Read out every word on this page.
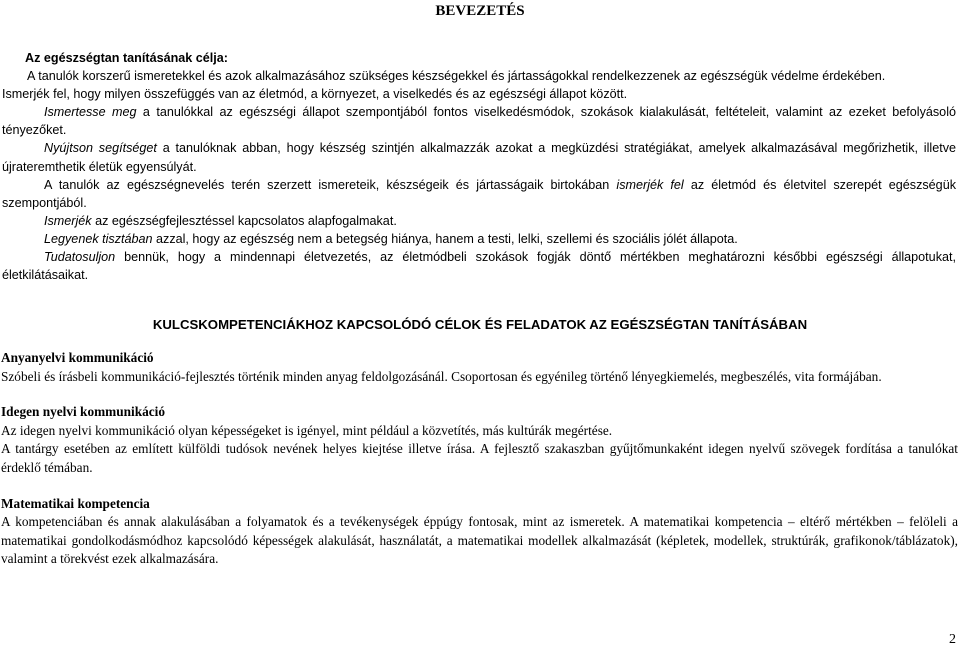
BEVEZETÉS

Az egészségtan tanításának célja:

A tanulók korszerű ismeretekkel és azok alkalmazásához szükséges készségekkel és jártasságokkal rendelkezzenek az egészségük védelme érdekében.

Ismerjék fel, hogy milyen összefüggés van az életmód, a környezet, a viselkedés és az egészségi állapot között.

Ismertesse meg a tanulókkal az egészségi állapot szempontjából fontos viselkedésmódok, szokások kialakulását, feltételeit, valamint az ezeket befolyásoló tényezőket.

Nyújtson segítséget a tanulóknak abban, hogy készség szintjén alkalmazzák azokat a megküzdési stratégiákat, amelyek alkalmazásával megőrizhetik, illetve újrateremthetik életük egyensúlyát.

A tanulók az egészségnevelés terén szerzett ismereteik, készségeik és jártasságaik birtokában ismerjék fel az életmód és életvitel szerepét egészségük szempontjából.

Ismerjék az egészségfejlesztéssel kapcsolatos alapfogalmakat.

Legyenek tisztában azzal, hogy az egészség nem a betegség hiánya, hanem a testi, lelki, szellemi és szociális jólét állapota.

Tudatosuljon bennük, hogy a mindennapi életvezetés, az életmódbeli szokások fogják döntő mértékben meghatározni későbbi egészségi állapotukat, életkilátásaikat.

KULCSKOMPETENCIÁKHOZ KAPCSOLÓDÓ CÉLOK ÉS FELADATOK AZ EGÉSZSÉGTAN TANÍTÁSÁBAN

Anyanyelvi kommunikáció

Szóbeli és írásbeli kommunikáció-fejlesztés történik minden anyag feldolgozásánál. Csoportosan és egyénileg történő lényegkiemelés, megbeszélés, vita formájában.

Idegen nyelvi kommunikáció

Az idegen nyelvi kommunikáció olyan képességeket is igényel, mint például a közvetítés, más kultúrák megértése.

A tantárgy esetében az említett külföldi tudósok nevének helyes kiejtése illetve írása. A fejlesztő szakaszban gyűjtőmunkaként idegen nyelvű szövegek fordítása a tanulókat érdeklő témában.

Matematikai kompetencia

A kompetenciában és annak alakulásában a folyamatok és a tevékenységek éppúgy fontosak, mint az ismeretek. A matematikai kompetencia – eltérő mértékben – felöleli a matematikai gondolkodásmódhoz kapcsolódó képességek alakulását, használatát, a matematikai modellek alkalmazását (képletek, modellek, struktúrák, grafikonok/táblázatok), valamint a törekvést ezek alkalmazására.

2
